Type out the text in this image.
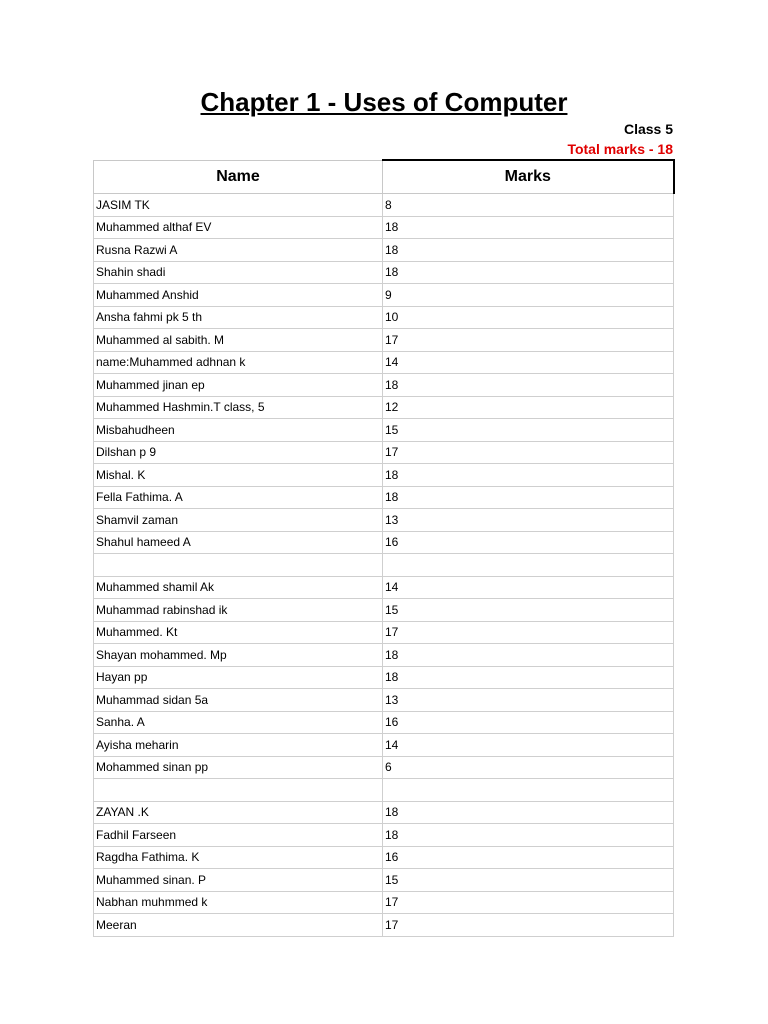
Chapter 1 - Uses of Computer
Class 5
Total marks - 18
Name	Marks
JASIM TK	8
Muhammed althaf EV	18
Rusna Razwi A	18
Shahin shadi	18
Muhammed Anshid	9
Ansha fahmi pk 5 th	10
Muhammed al sabith. M	17
name:Muhammed adhnan k	14
Muhammed jinan ep	18
Muhammed Hashmin.T class, 5	12
Misbahudheen	15
Dilshan p 9	17
Mishal. K	18
Fella Fathima. A	18
Shamvil zaman	13
Shahul hameed A	16

Muhammed shamil Ak	14
Muhammad rabinshad ik	15
Muhammed. Kt	17
Shayan mohammed. Mp	18
Hayan pp	18
Muhammad sidan 5a	13
Sanha. A	16
Ayisha meharin	14
Mohammed sinan pp	6

ZAYAN .K	18
Fadhil Farseen	18
Ragdha Fathima. K	16
Muhammed sinan. P	15
Nabhan muhmmed k	17
Meeran	17
